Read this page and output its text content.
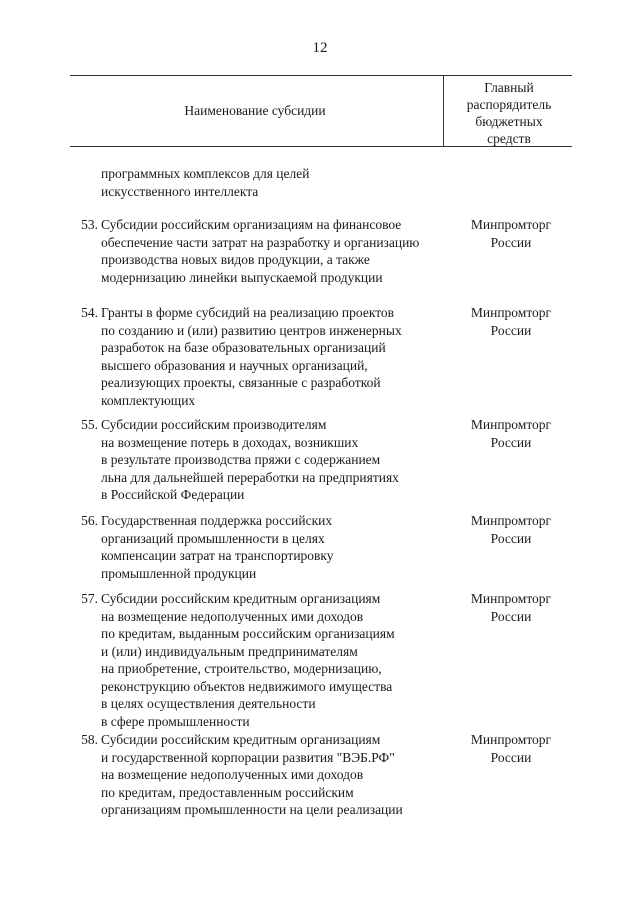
12
Наименование субсидии
Главный
распорядитель
бюджетных
средств
программных комплексов для целей
искусственного интеллекта
53. Субсидии российским организациям на финансовое
обеспечение части затрат на разработку и организацию
производства новых видов продукции, а также
модернизацию линейки выпускаемой продукции
Минпромторг
России
54. Гранты в форме субсидий на реализацию проектов
по созданию и (или) развитию центров инженерных
разработок на базе образовательных организаций
высшего образования и научных организаций,
реализующих проекты, связанные с разработкой
комплектующих
Минпромторг
России
55. Субсидии российским производителям
на возмещение потерь в доходах, возникших
в результате производства пряжи с содержанием
льна для дальнейшей переработки на предприятиях
в Российской Федерации
Минпромторг
России
56. Государственная поддержка российских
организаций промышленности в целях
компенсации затрат на транспортировку
промышленной продукции
Минпромторг
России
57. Субсидии российским кредитным организациям
на возмещение недополученных ими доходов
по кредитам, выданным российским организациям
и (или) индивидуальным предпринимателям
на приобретение, строительство, модернизацию,
реконструкцию объектов недвижимого имущества
в целях осуществления деятельности
в сфере промышленности
Минпромторг
России
58. Субсидии российским кредитным организациям
и государственной корпорации развития "ВЭБ.РФ"
на возмещение недополученных ими доходов
по кредитам, предоставленным российским
организациям промышленности на цели реализации
Минпромторг
России
